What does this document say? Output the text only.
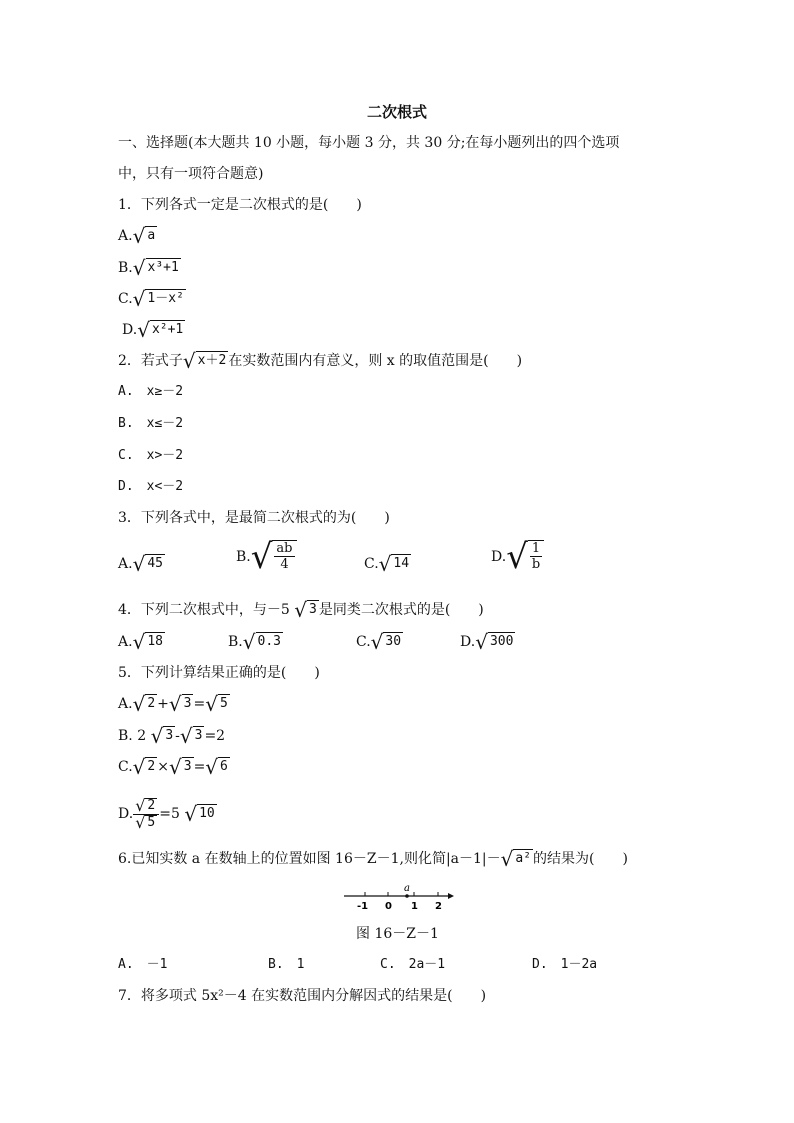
二次根式
一、选择题(本大题共 10 小题，每小题 3 分，共 30 分;在每小题列出的四个选项
中，只有一项符合题意)
1．下列各式一定是二次根式的是(　　)
A. √ a
B. √ x³+1
C. √ 1－x²
D. √ x²+1
2．若式子 √ x＋2 在实数范围内有意义，则 x 的取值范围是(　　)
A.　x≥－2
B.　x≤－2
C.　x>－2
D.　x<－2
3．下列各式中，是最简二次根式的为(　　)
A. √ 45	B. √ $\frac{ab}{4}$	C. √ 14	D. √ $\frac{1}{b}$
4．下列二次根式中，与－5 √ 3 是同类二次根式的是(　　)
A. √ 18	B. √ 0.3	C. √ 30	D. √ 300
5．下列计算结果正确的是(　　)
A. √ 2 + √ 3 = √ 5
B. 2 √ 3 - √ 3 =2
C. √ 2 × √ 3 = √ 6
D. $\frac{√ 2}{√ 5} =5$ √ 10
6.已知实数 a 在数轴上的位置如图 16－Z－1,则化简|a－1|－ √ a² 的结果为(　　)
a
-1 0 1 2
图 16－Z－1
A.　－1	B.　1	C.　2a－1	D.　1－2a
7．将多项式 5x²－4 在实数范围内分解因式的结果是(　　)
